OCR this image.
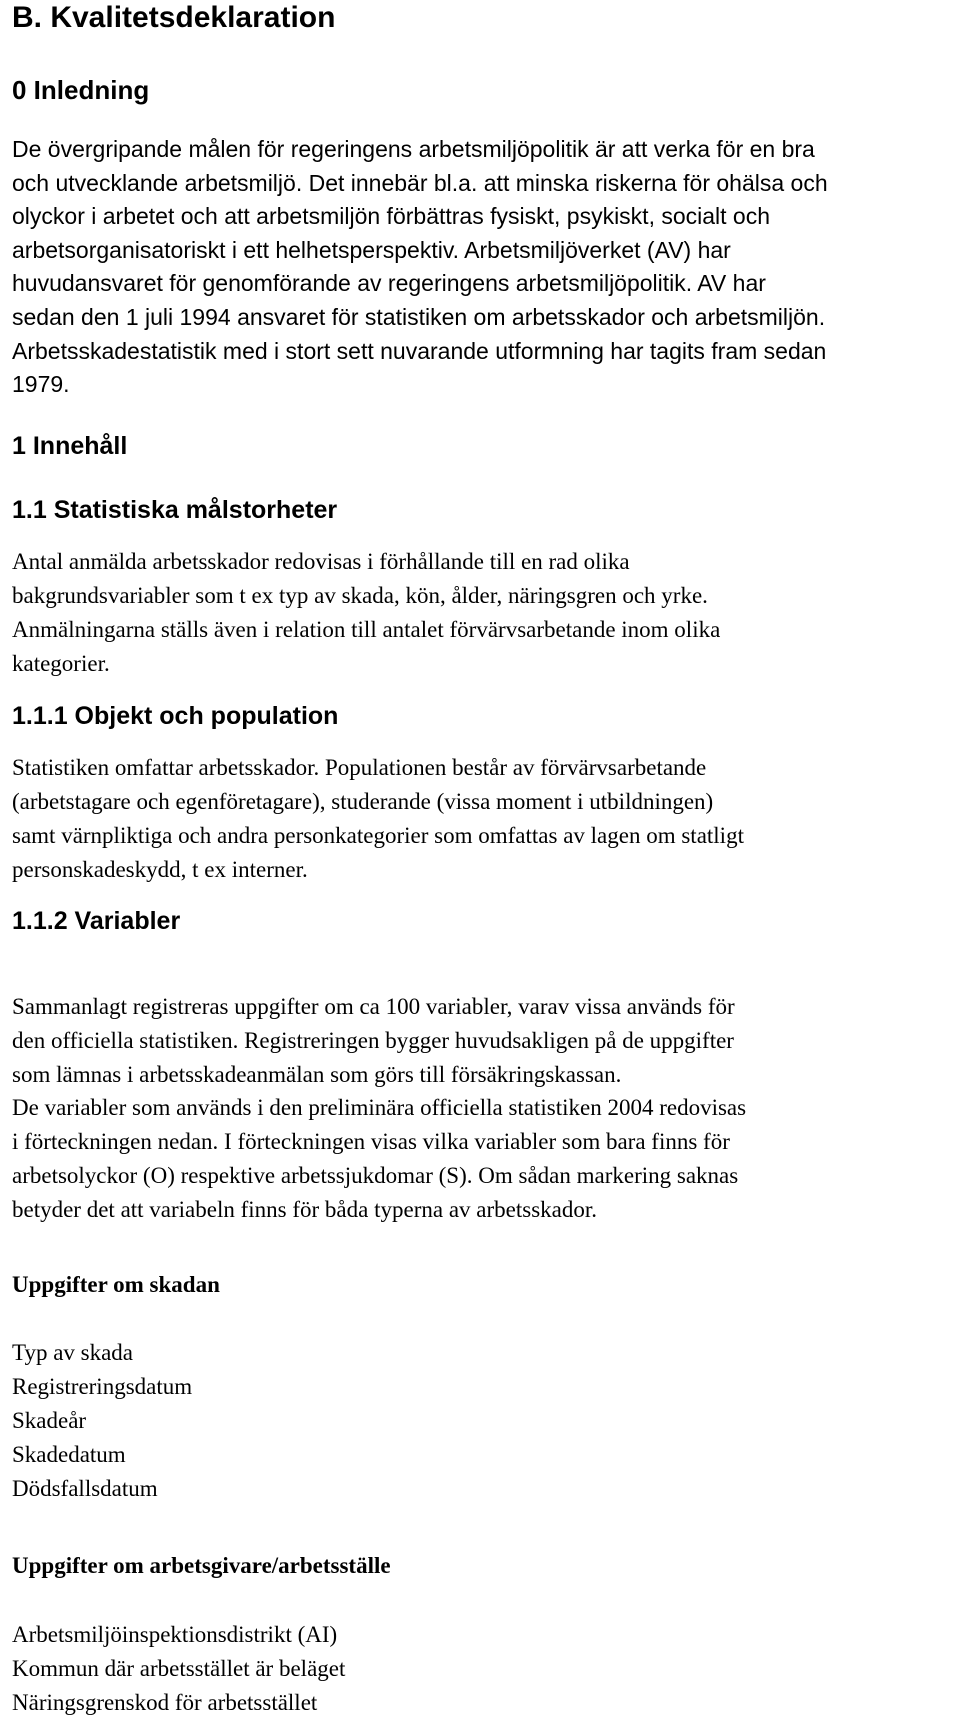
B. Kvalitetsdeklaration
0 Inledning
De övergripande målen för regeringens arbetsmiljöpolitik är att verka för en bra
och utvecklande arbetsmiljö. Det innebär bl.a. att minska riskerna för ohälsa och
olyckor i arbetet och att arbetsmiljön förbättras fysiskt, psykiskt, socialt och
arbetsorganisatoriskt i ett helhetsperspektiv. Arbetsmiljöverket (AV) har
huvudansvaret för genomförande av regeringens arbetsmiljöpolitik. AV har
sedan den 1 juli 1994 ansvaret för statistiken om arbetsskador och arbetsmiljön.
Arbetsskadestatistik med i stort sett nuvarande utformning har tagits fram sedan
1979.
1 Innehåll
1.1 Statistiska målstorheter
Antal anmälda arbetsskador redovisas i förhållande till en rad olika
bakgrundsvariabler som t ex typ av skada, kön, ålder, näringsgren och yrke.
Anmälningarna ställs även i relation till antalet förvärvsarbetande inom olika
kategorier.
1.1.1 Objekt och population
Statistiken omfattar arbetsskador. Populationen består av förvärvsarbetande
(arbetstagare och egenföretagare), studerande (vissa moment i utbildningen)
samt värnpliktiga och andra personkategorier som omfattas av lagen om statligt
personskadeskydd, t ex interner.
1.1.2 Variabler
Sammanlagt registreras uppgifter om ca 100 variabler, varav vissa används för
den officiella statistiken. Registreringen bygger huvudsakligen på de uppgifter
som lämnas i arbetsskadeanmälan som görs till försäkringskassan.
De variabler som används i den preliminära officiella statistiken 2004 redovisas
i förteckningen nedan. I förteckningen visas vilka variabler som bara finns för
arbetsolyckor (O) respektive arbetssjukdomar (S). Om sådan markering saknas
betyder det att variabeln finns för båda typerna av arbetsskador.
Uppgifter om skadan
Typ av skada
Registreringsdatum
Skadeår
Skadedatum
Dödsfallsdatum
Uppgifter om arbetsgivare/arbetsställe
Arbetsmiljöinspektionsdistrikt (AI)
Kommun där arbetsstället är beläget
Näringsgrenskod för arbetsstället
